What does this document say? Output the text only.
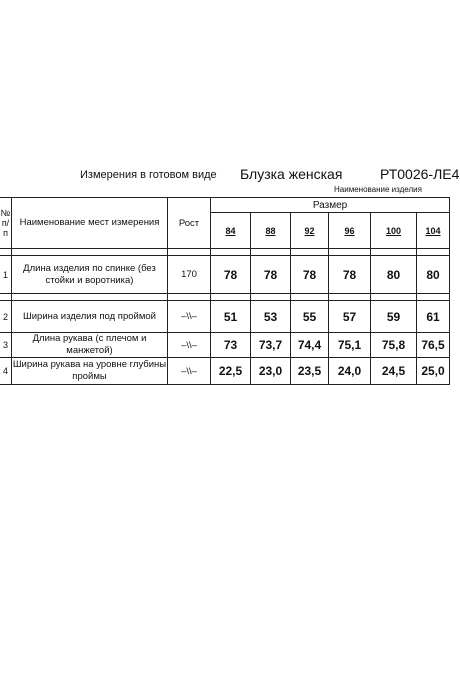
Измерения в готовом виде Блузка женская	РТ0026-ЛЕ4
Наименование изделия
№ п/п	Наименование мест измерения	Рост	Размер					
			84	88	92	96	100	104

1	Длина изделия по спинке (без стойки и воротника)	170	78	78	78	78	80	80

2	Ширина изделия под проймой	–\\–	51	53	55	57	59	61
3	Длина рукава (с плечом и манжетой)	–\\–	73	73,7	74,4	75,1	75,8	76,5
4	Ширина рукава на уровне глубины проймы	–\\–	22,5	23,0	23,5	24,0	24,5	25,0
